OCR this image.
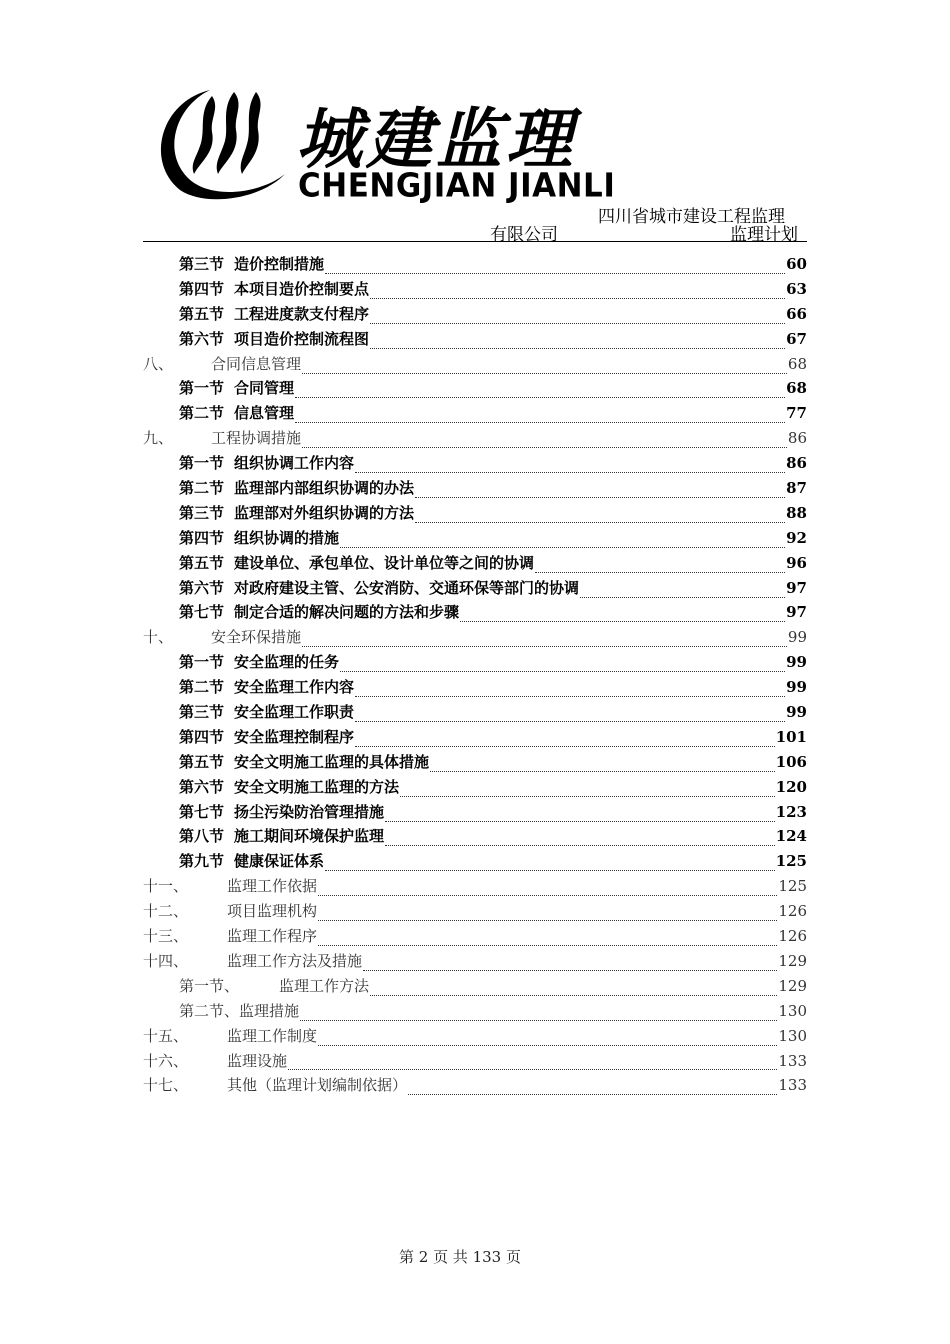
城建监理
CHENGJIAN JIANLI
四川省城市建设工程监理
有限公司	监理计划
第三节 造价控制措施	60
第四节 本项目造价控制要点	63
第五节 工程进度款支付程序	66
第六节 项目造价控制流程图	67
八、	合同信息管理	68
第一节 合同管理	68
第二节 信息管理	77
九、	工程协调措施	86
第一节 组织协调工作内容	86
第二节 监理部内部组织协调的办法	87
第三节 监理部对外组织协调的方法	88
第四节 组织协调的措施	92
第五节 建设单位、承包单位、设计单位等之间的协调	96
第六节 对政府建设主管、公安消防、交通环保等部门的协调	97
第七节 制定合适的解决问题的方法和步骤	97
十、	安全环保措施	99
第一节 安全监理的任务	99
第二节 安全监理工作内容	99
第三节 安全监理工作职责	99
第四节 安全监理控制程序	101
第五节 安全文明施工监理的具体措施	106
第六节 安全文明施工监理的方法	120
第七节 扬尘污染防治管理措施	123
第八节 施工期间环境保护监理	124
第九节 健康保证体系	125
十一、	监理工作依据	125
十二、	项目监理机构	126
十三、	监理工作程序	126
十四、	监理工作方法及措施	129
第一节、	监理工作方法	129
第二节、监理措施	130
十五、	监理工作制度	130
十六、	监理设施	133
十七、	其他（监理计划编制依据）	133
第 2 页 共 133 页
